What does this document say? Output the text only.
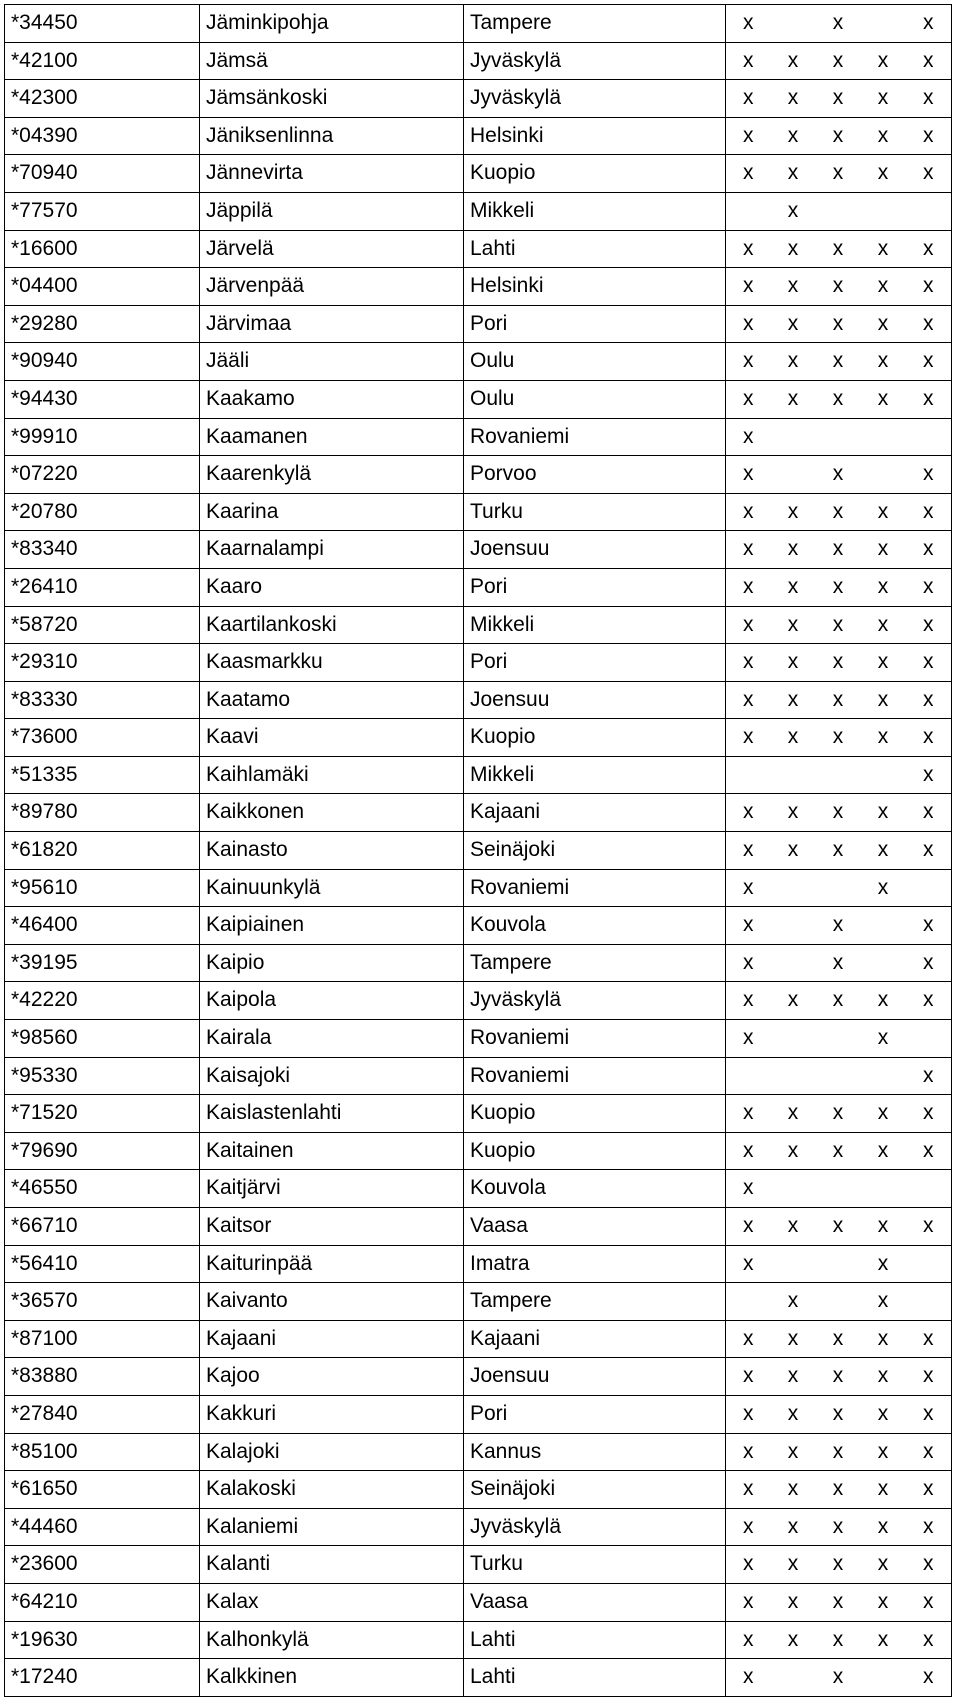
*34450	Jäminkipohja	Tampere	x		x		x
*42100	Jämsä	Jyväskylä	x	x	x	x	x
*42300	Jämsänkoski	Jyväskylä	x	x	x	x	x
*04390	Jäniksenlinna	Helsinki	x	x	x	x	x
*70940	Jännevirta	Kuopio	x	x	x	x	x
*77570	Jäppilä	Mikkeli		x			
*16600	Järvelä	Lahti	x	x	x	x	x
*04400	Järvenpää	Helsinki	x	x	x	x	x
*29280	Järvimaa	Pori	x	x	x	x	x
*90940	Jääli	Oulu	x	x	x	x	x
*94430	Kaakamo	Oulu	x	x	x	x	x
*99910	Kaamanen	Rovaniemi	x				
*07220	Kaarenkylä	Porvoo	x		x		x
*20780	Kaarina	Turku	x	x	x	x	x
*83340	Kaarnalampi	Joensuu	x	x	x	x	x
*26410	Kaaro	Pori	x	x	x	x	x
*58720	Kaartilankoski	Mikkeli	x	x	x	x	x
*29310	Kaasmarkku	Pori	x	x	x	x	x
*83330	Kaatamo	Joensuu	x	x	x	x	x
*73600	Kaavi	Kuopio	x	x	x	x	x
*51335	Kaihlamäki	Mikkeli					x
*89780	Kaikkonen	Kajaani	x	x	x	x	x
*61820	Kainasto	Seinäjoki	x	x	x	x	x
*95610	Kainuunkylä	Rovaniemi	x			x	
*46400	Kaipiainen	Kouvola	x		x		x
*39195	Kaipio	Tampere	x		x		x
*42220	Kaipola	Jyväskylä	x	x	x	x	x
*98560	Kairala	Rovaniemi	x			x	
*95330	Kaisajoki	Rovaniemi					x
*71520	Kaislastenlahti	Kuopio	x	x	x	x	x
*79690	Kaitainen	Kuopio	x	x	x	x	x
*46550	Kaitjärvi	Kouvola	x				
*66710	Kaitsor	Vaasa	x	x	x	x	x
*56410	Kaiturinpää	Imatra	x			x	
*36570	Kaivanto	Tampere		x		x	
*87100	Kajaani	Kajaani	x	x	x	x	x
*83880	Kajoo	Joensuu	x	x	x	x	x
*27840	Kakkuri	Pori	x	x	x	x	x
*85100	Kalajoki	Kannus	x	x	x	x	x
*61650	Kalakoski	Seinäjoki	x	x	x	x	x
*44460	Kalaniemi	Jyväskylä	x	x	x	x	x
*23600	Kalanti	Turku	x	x	x	x	x
*64210	Kalax	Vaasa	x	x	x	x	x
*19630	Kalhonkylä	Lahti	x	x	x	x	x
*17240	Kalkkinen	Lahti	x		x		x
